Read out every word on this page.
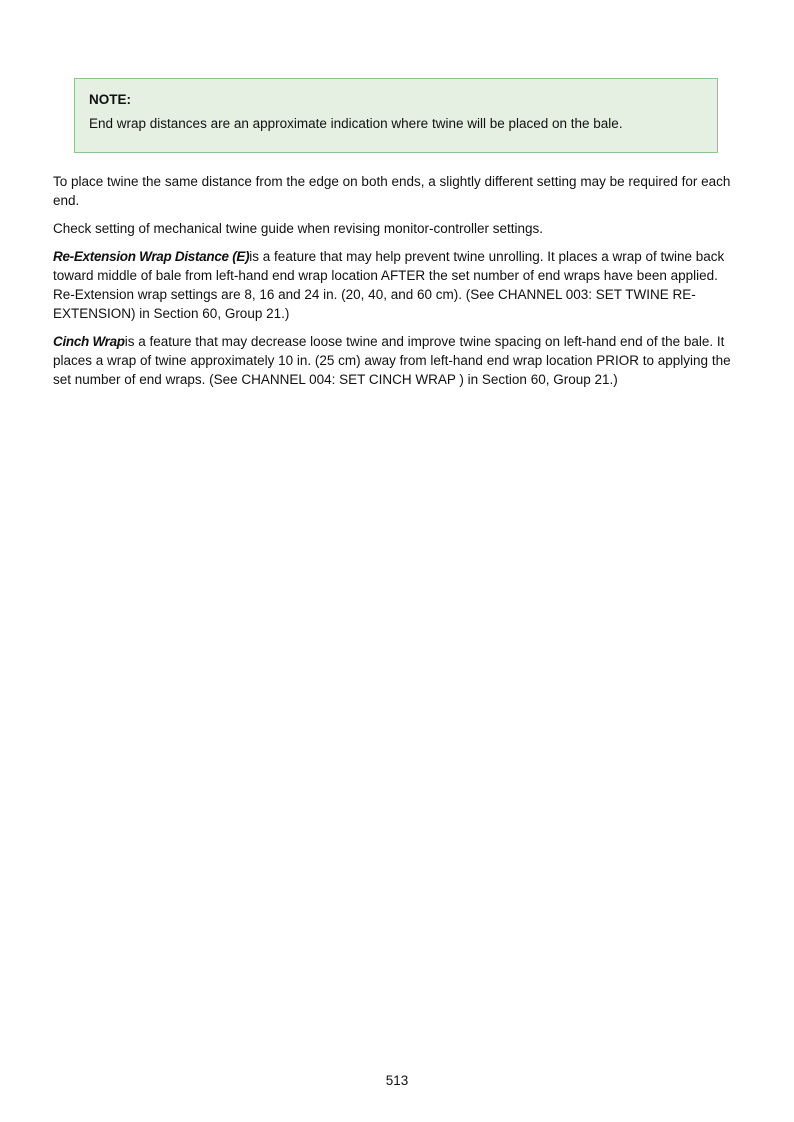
NOTE:

End wrap distances are an approximate indication where twine will be placed on the bale.

To place twine the same distance from the edge on both ends, a slightly different setting may be required for each end.

Check setting of mechanical twine guide when revising monitor-controller settings.

Re-Extension Wrap Distance (E)is a feature that may help prevent twine unrolling. It places a wrap of twine back toward middle of bale from left-hand end wrap location AFTER the set number of end wraps have been applied. Re-Extension wrap settings are 8, 16 and 24 in. (20, 40, and 60 cm). (See CHANNEL 003: SET TWINE RE-EXTENSION) in Section 60, Group 21.)

Cinch Wrapis a feature that may decrease loose twine and improve twine spacing on left-hand end of the bale. It places a wrap of twine approximately 10 in. (25 cm) away from left-hand end wrap location PRIOR to applying the set number of end wraps. (See CHANNEL 004: SET CINCH WRAP ) in Section 60, Group 21.)

513
